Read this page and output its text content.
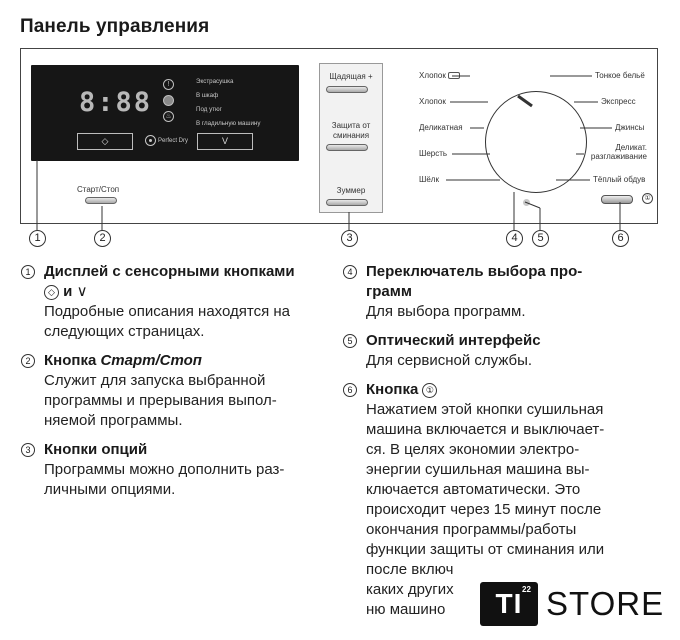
Панель управления
8:88
!
♨
Экстрасушка
В шкаф
Под утюг
В гладильную машину
◇	Perfect Dry	V
Старт/Стоп
Щадящая +
Защита от сминания
Зуммер
Хлопок
Хлопок
Деликатная
Шерсть
Шёлк
Тонкое бельё
Экспресс
Джинсы
Деликат. разглаживание
Тёплый обдув
①
1	2	3	4	5	6
1 Дисплей с сенсорными кнопками
◇ и ∨
Подробные описания находятся на
следующих страницах.
2 Кнопка Старт/Стоп
Служит для запуска выбранной
программы и прерывания выпол-
няемой программы.
3 Кнопки опций
Программы можно дополнить раз-
личными опциями.
4 Переключатель выбора про-
грамм
Для выбора программ.
5 Оптический интерфейс
Для сервисной службы.
6 Кнопка ①
Нажатием этой кнопки сушильная
машина включается и выключает-
ся. В целях экономии электро-
энергии сушильная машина вы-
ключается автоматически. Это
происходит через 15 минут после
окончания программы/работы
функции защиты от сминания или
после включ
каких других
ню машино	TI 22 STORE
